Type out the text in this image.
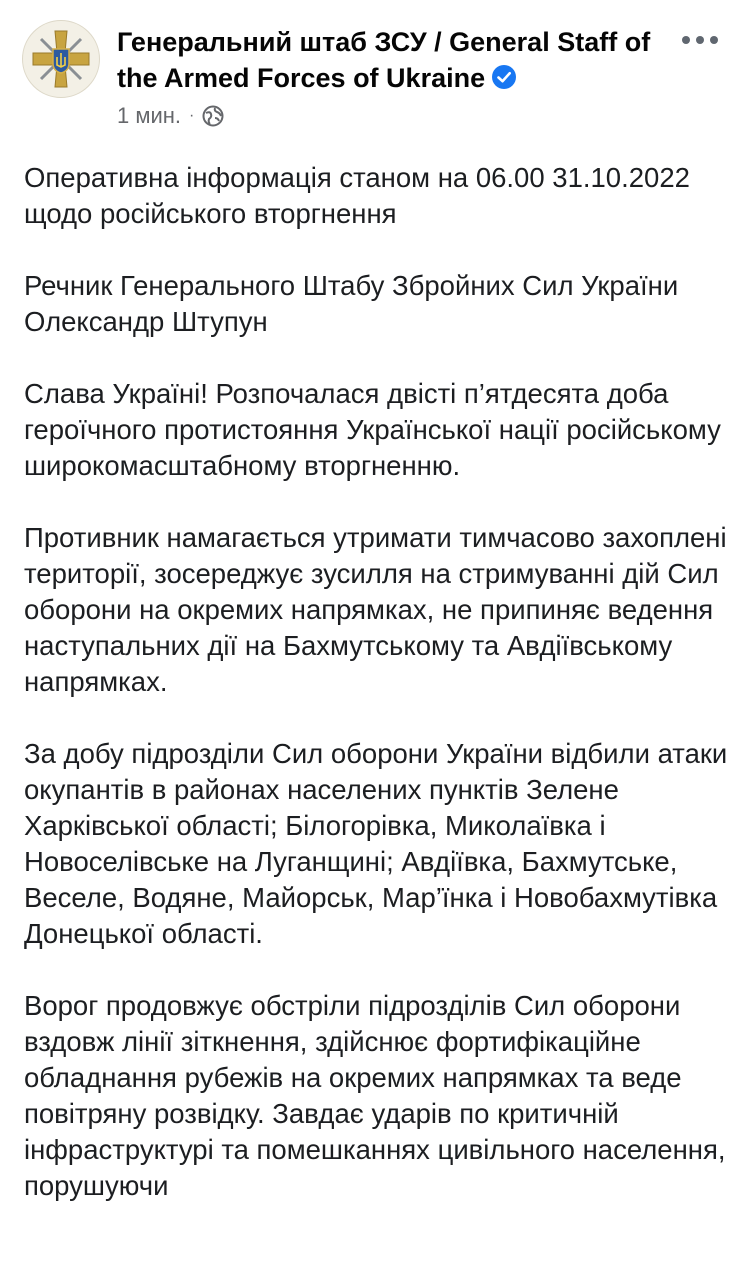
Генеральний штаб ЗСУ / General Staff of the Armed Forces of Ukraine
1 мин. ·

Оперативна інформація станом на 06.00 31.10.2022 щодо російського вторгнення

Речник Генерального Штабу Збройних Сил України Олександр Штупун

Слава Україні! Розпочалася двісті п’ятдесята доба героїчного протистояння Української нації російському широкомасштабному вторгненню.

Противник намагається утримати тимчасово захоплені території, зосереджує зусилля на стримуванні дій Сил оборони на окремих напрямках, не припиняє ведення наступальних дії на Бахмутському та Авдіївському напрямках.

За добу підрозділи Сил оборони України відбили атаки окупантів в районах населених пунктів Зелене Харківської області; Білогорівка, Миколаївка і Новоселівське на Луганщині; Авдіївка, Бахмутське, Веселе, Водяне, Майорськ, Мар’їнка і Новобахмутівка Донецької області.

Ворог продовжує обстріли підрозділів Сил оборони вздовж лінії зіткнення, здійснює фортифікаційне обладнання рубежів на окремих напрямках та веде повітряну розвідку. Завдає ударів по критичній інфраструктурі та помешканнях цивільного населення, порушуючи
